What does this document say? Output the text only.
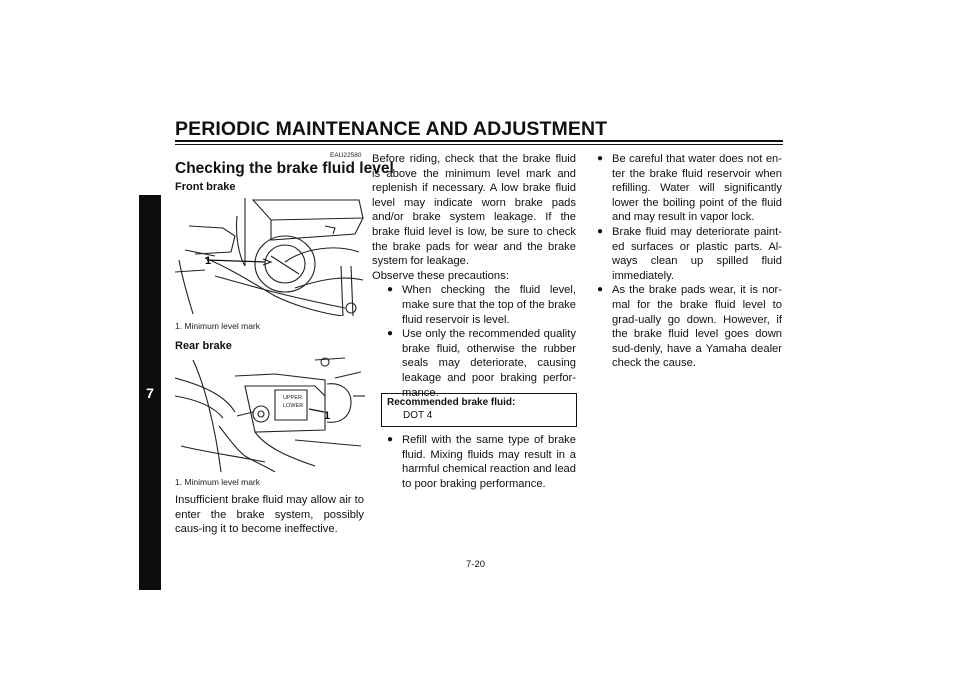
PERIODIC MAINTENANCE AND ADJUSTMENT
7
EAU22580
Checking the brake fluid level
Front brake
1
1. Minimum level mark
Rear brake
UPPER
LOWER
1
1. Minimum level mark
Insufficient brake fluid may allow air to enter the brake system, possibly caus-ing it to become ineffective.

Before riding, check that the brake fluid is above the minimum level mark and replenish if necessary. A low brake fluid level may indicate worn brake pads and/or brake system leakage. If the brake fluid level is low, be sure to check the brake pads for wear and the brake system for leakage.

Observe these precautions:

● When checking the fluid level, make sure that the top of the brake fluid reservoir is level.

● Use only the recommended quality brake fluid, otherwise the rubber seals may deteriorate, causing leakage and poor braking perfor-mance.

Recommended brake fluid:
DOT 4

● Refill with the same type of brake fluid. Mixing fluids may result in a harmful chemical reaction and lead to poor braking performance.

● Be careful that water does not en-ter the brake fluid reservoir when refilling. Water will significantly lower the boiling point of the fluid and may result in vapor lock.

● Brake fluid may deteriorate paint-ed surfaces or plastic parts. Al-ways clean up spilled fluid immediately.

● As the brake pads wear, it is nor-mal for the brake fluid level to grad-ually go down. However, if the brake fluid level goes down sud-denly, have a Yamaha dealer check the cause.

7-20
